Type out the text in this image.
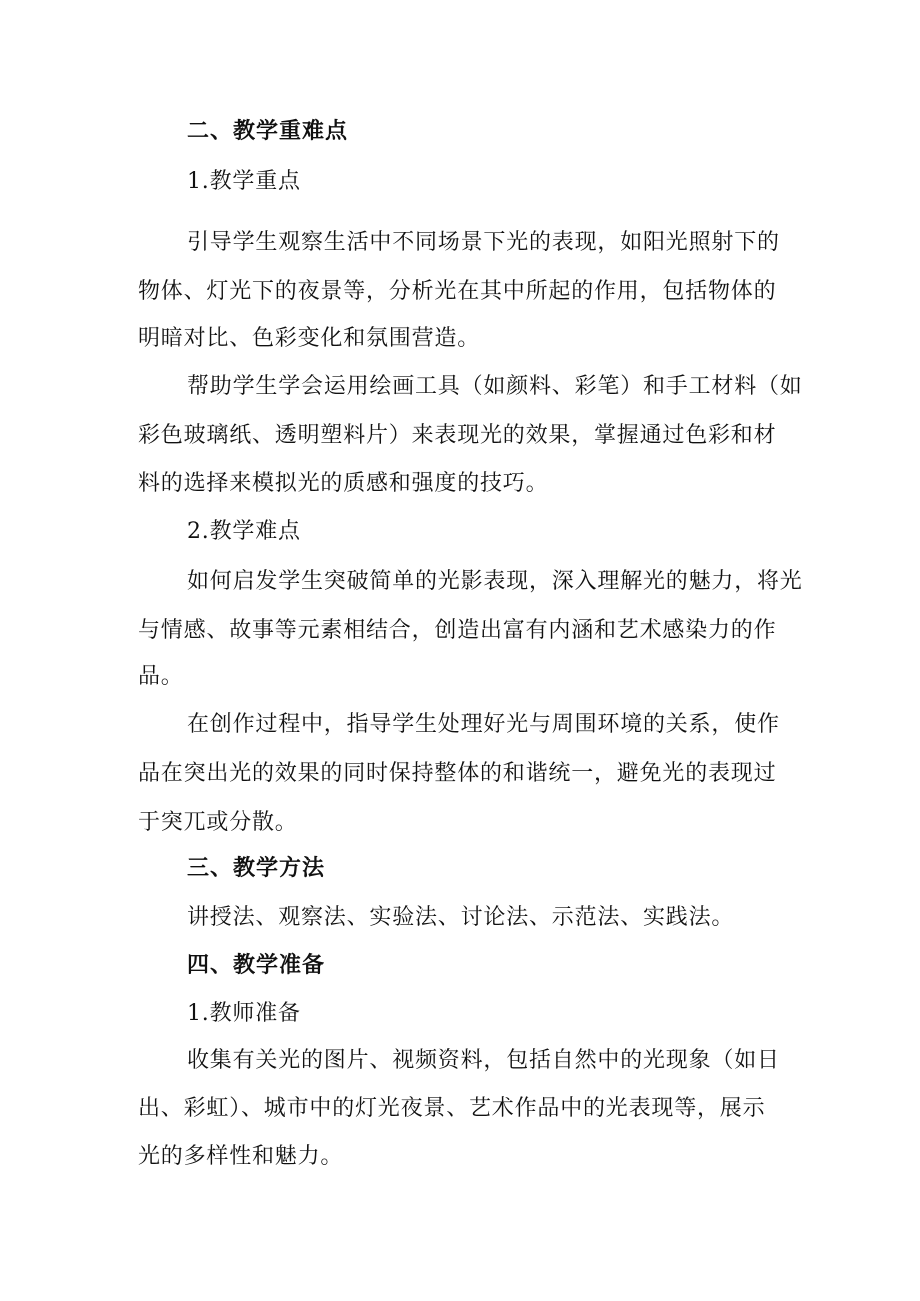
二、教学重难点
1.教学重点
引导学生观察生活中不同场景下光的表现，如阳光照射下的
物体、灯光下的夜景等，分析光在其中所起的作用，包括物体的
明暗对比、色彩变化和氛围营造。
帮助学生学会运用绘画工具（如颜料、彩笔）和手工材料（如
彩色玻璃纸、透明塑料片）来表现光的效果，掌握通过色彩和材
料的选择来模拟光的质感和强度的技巧。
2.教学难点
如何启发学生突破简单的光影表现，深入理解光的魅力，将光
与情感、故事等元素相结合，创造出富有内涵和艺术感染力的作
品。
在创作过程中，指导学生处理好光与周围环境的关系，使作
品在突出光的效果的同时保持整体的和谐统一，避免光的表现过
于突兀或分散。
三、教学方法
讲授法、观察法、实验法、讨论法、示范法、实践法。
四、教学准备
1.教师准备
收集有关光的图片、视频资料，包括自然中的光现象（如日
出、彩虹）、城市中的灯光夜景、艺术作品中的光表现等，展示
光的多样性和魅力。
